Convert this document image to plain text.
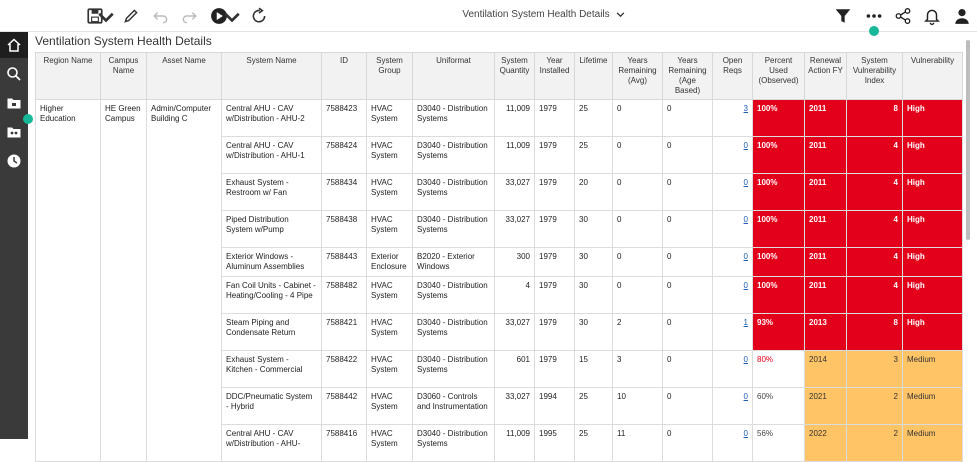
Ventilation System Health Details
Ventilation System Health Details
Region Name	Campus Name	Asset Name	System Name	ID	System Group	Uniformat	System Quantity	Year Installed	Lifetime	Years Remaining (Avg)	Years Remaining (Age Based)	Open Reqs	Percent Used (Observed)	Renewal Action FY	System Vulnerability Index	Vulnerability
Higher Education	HE Green Campus	Admin/Computer Building C	Central AHU - CAV w/Distribution - AHU-2	7588423	HVAC System	D3040 - Distribution Systems	11,009	1979	25	0	0	3	100%	2011	8	High
			Central AHU - CAV w/Distribution - AHU-1	7588424	HVAC System	D3040 - Distribution Systems	11,009	1979	25	0	0	0	100%	2011	4	High
			Exhaust System - Restroom w/ Fan	7588434	HVAC System	D3040 - Distribution Systems	33,027	1979	20	0	0	0	100%	2011	4	High
			Piped Distribution System w/Pump	7588438	HVAC System	D3040 - Distribution Systems	33,027	1979	30	0	0	0	100%	2011	4	High
			Exterior Windows - Aluminum Assemblies	7588443	Exterior Enclosure	B2020 - Exterior Windows	300	1979	30	0	0	0	100%	2011	4	High
			Fan Coil Units - Cabinet - Heating/Cooling - 4 Pipe	7588482	HVAC System	D3040 - Distribution Systems	4	1979	30	0	0	0	100%	2011	4	High
			Steam Piping and Condensate Return	7588421	HVAC System	D3040 - Distribution Systems	33,027	1979	30	2	0	1	93%	2013	8	High
			Exhaust System - Kitchen - Commercial	7588422	HVAC System	D3040 - Distribution Systems	601	1979	15	3	0	0	80%	2014	3	Medium
			DDC/Pneumatic System - Hybrid	7588442	HVAC System	D3060 - Controls and Instrumentation	33,027	1994	25	10	0	0	60%	2021	2	Medium
			Central AHU - CAV w/Distribution - AHU-	7588416	HVAC System	D3040 - Distribution Systems	11,009	1995	25	11	0	0	56%	2022	2	Medium
